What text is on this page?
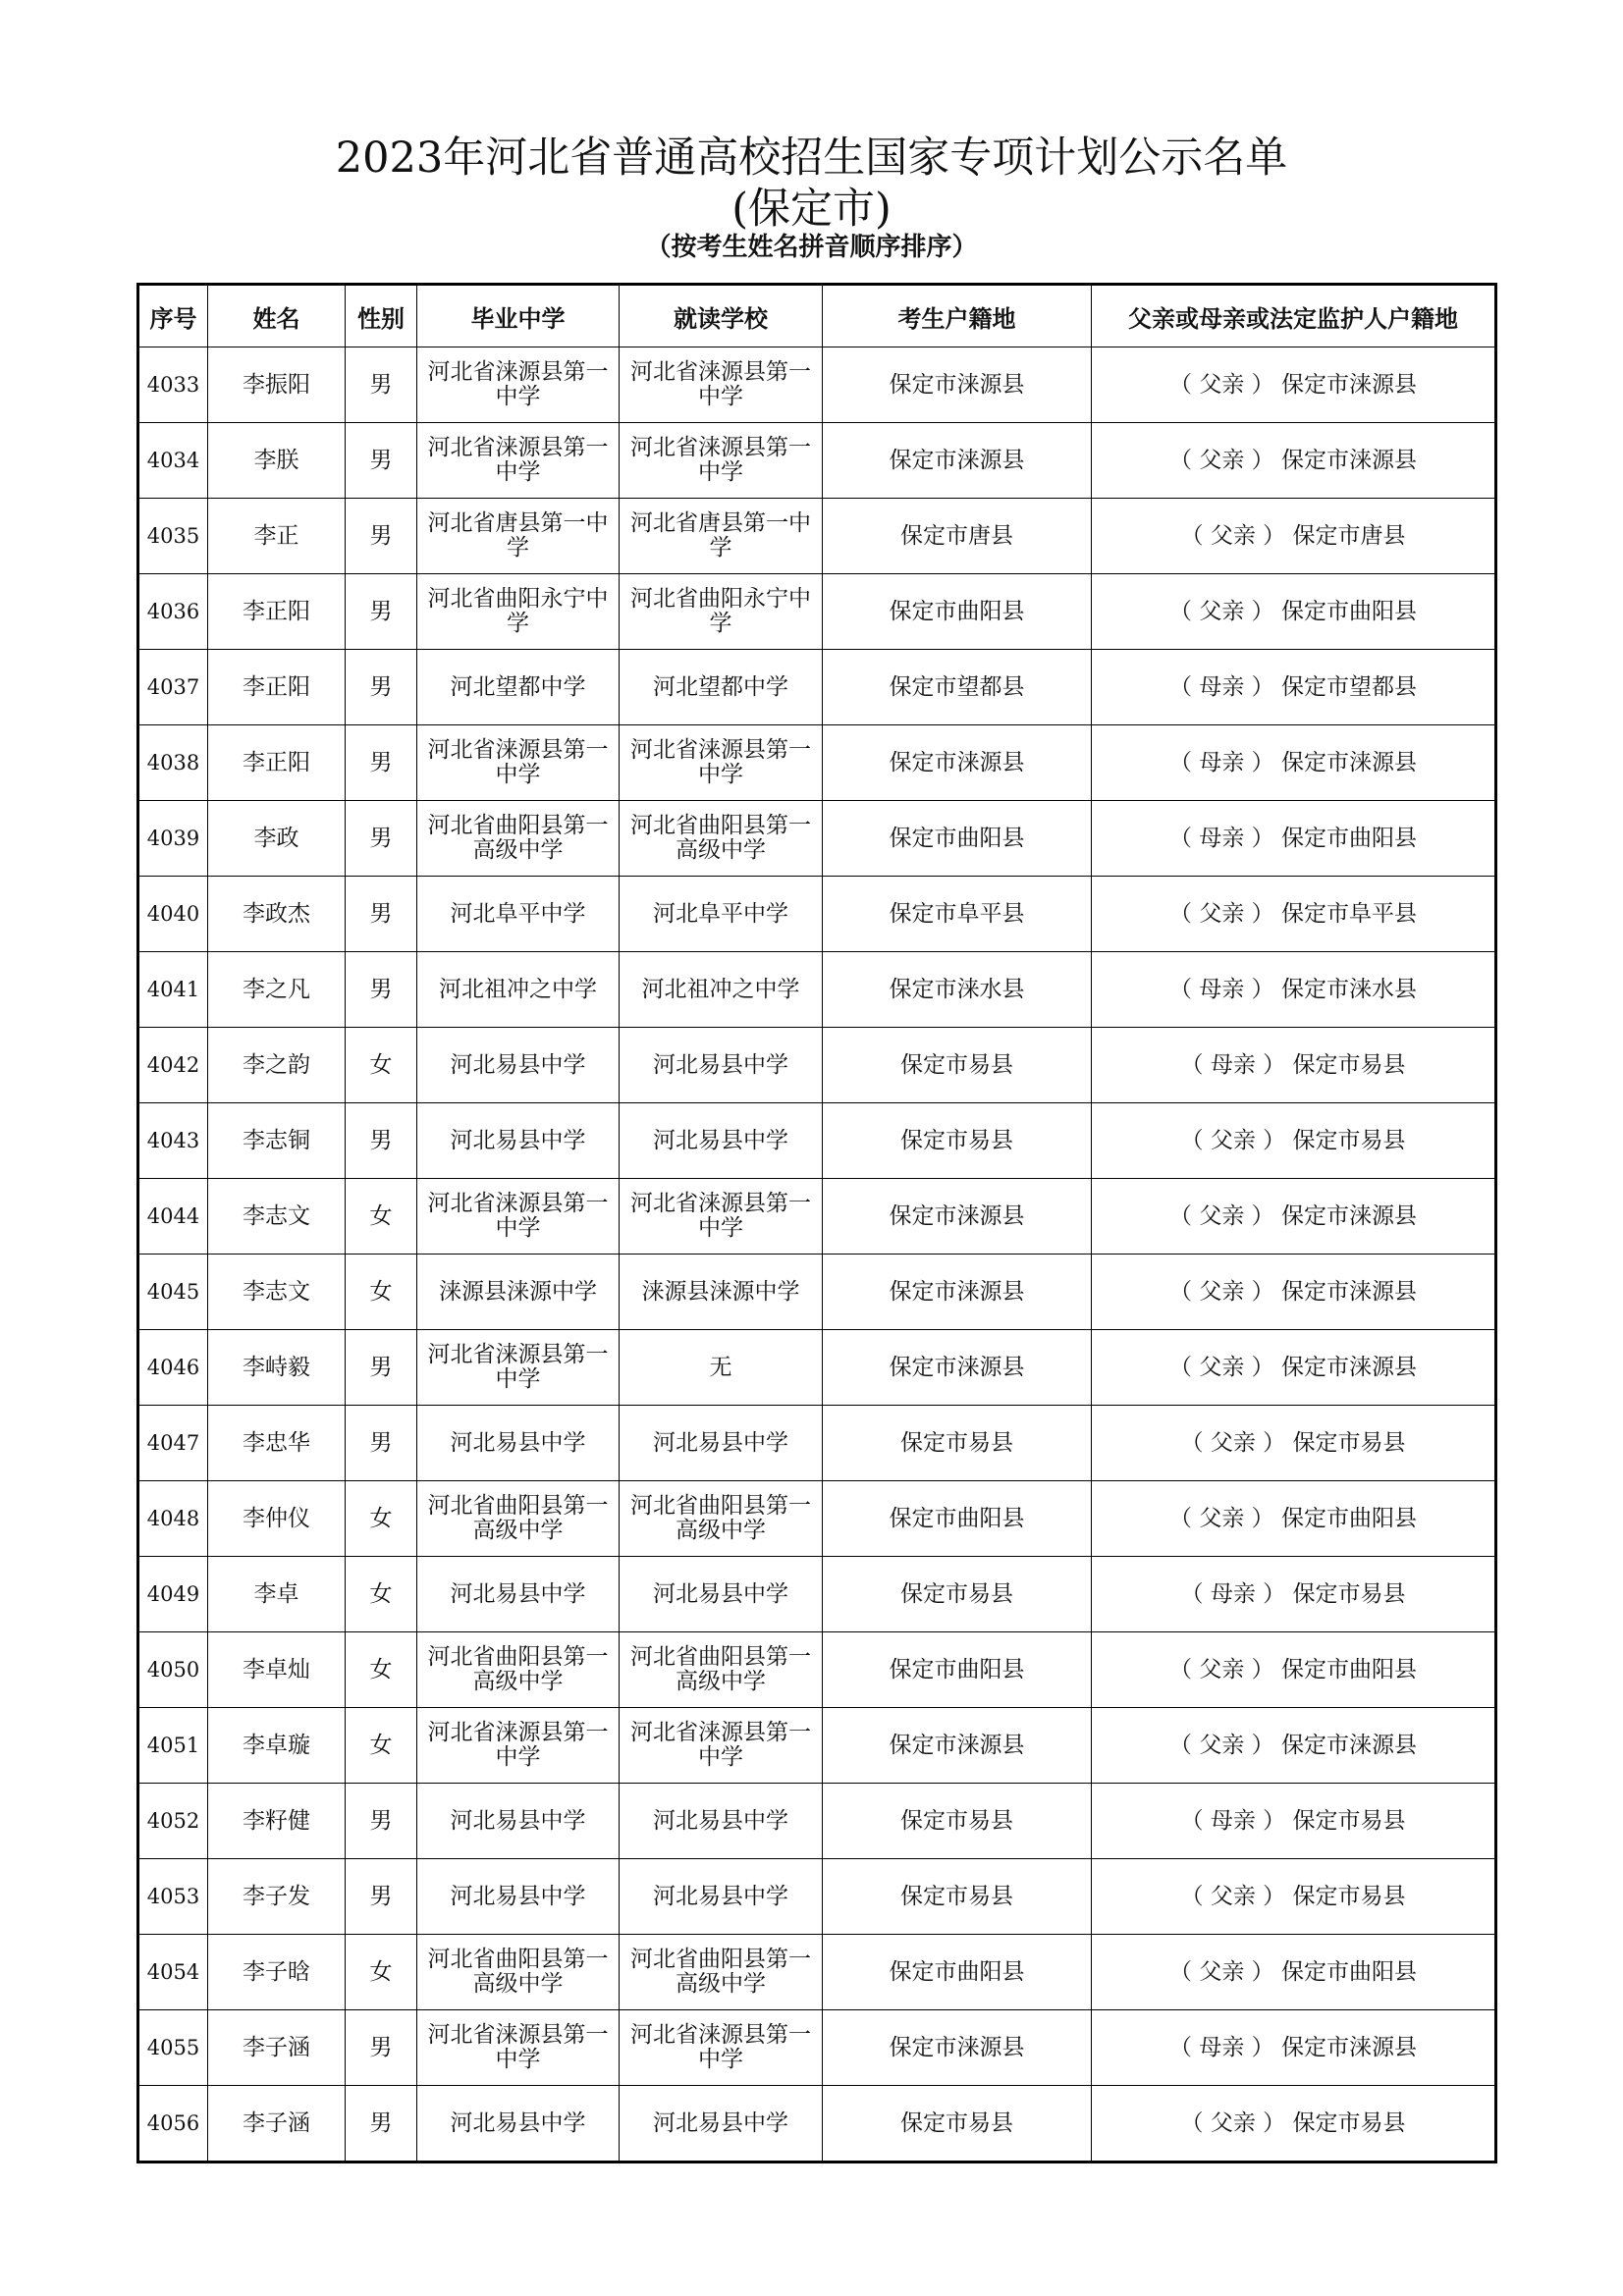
2023年河北省普通高校招生国家专项计划公示名单
(保定市)
（按考生姓名拼音顺序排序）
序号	姓名	性别	毕业中学	就读学校	考生户籍地	父亲或母亲或法定监护人户籍地
4033	李振阳	男	河北省涞源县第一中学	河北省涞源县第一中学	保定市涞源县	（ 父亲 ） 保定市涞源县
4034	李朕	男	河北省涞源县第一中学	河北省涞源县第一中学	保定市涞源县	（ 父亲 ） 保定市涞源县
4035	李正	男	河北省唐县第一中学	河北省唐县第一中学	保定市唐县	（ 父亲 ） 保定市唐县
4036	李正阳	男	河北省曲阳永宁中学	河北省曲阳永宁中学	保定市曲阳县	（ 父亲 ） 保定市曲阳县
4037	李正阳	男	河北望都中学	河北望都中学	保定市望都县	（ 母亲 ） 保定市望都县
4038	李正阳	男	河北省涞源县第一中学	河北省涞源县第一中学	保定市涞源县	（ 母亲 ） 保定市涞源县
4039	李政	男	河北省曲阳县第一高级中学	河北省曲阳县第一高级中学	保定市曲阳县	（ 母亲 ） 保定市曲阳县
4040	李政杰	男	河北阜平中学	河北阜平中学	保定市阜平县	（ 父亲 ） 保定市阜平县
4041	李之凡	男	河北祖冲之中学	河北祖冲之中学	保定市涞水县	（ 母亲 ） 保定市涞水县
4042	李之韵	女	河北易县中学	河北易县中学	保定市易县	（ 母亲 ） 保定市易县
4043	李志铜	男	河北易县中学	河北易县中学	保定市易县	（ 父亲 ） 保定市易县
4044	李志文	女	河北省涞源县第一中学	河北省涞源县第一中学	保定市涞源县	（ 父亲 ） 保定市涞源县
4045	李志文	女	涞源县涞源中学	涞源县涞源中学	保定市涞源县	（ 父亲 ） 保定市涞源县
4046	李峙毅	男	河北省涞源县第一中学	无	保定市涞源县	（ 父亲 ） 保定市涞源县
4047	李忠华	男	河北易县中学	河北易县中学	保定市易县	（ 父亲 ） 保定市易县
4048	李仲仪	女	河北省曲阳县第一高级中学	河北省曲阳县第一高级中学	保定市曲阳县	（ 父亲 ） 保定市曲阳县
4049	李卓	女	河北易县中学	河北易县中学	保定市易县	（ 母亲 ） 保定市易县
4050	李卓灿	女	河北省曲阳县第一高级中学	河北省曲阳县第一高级中学	保定市曲阳县	（ 父亲 ） 保定市曲阳县
4051	李卓璇	女	河北省涞源县第一中学	河北省涞源县第一中学	保定市涞源县	（ 父亲 ） 保定市涞源县
4052	李籽健	男	河北易县中学	河北易县中学	保定市易县	（ 母亲 ） 保定市易县
4053	李子发	男	河北易县中学	河北易县中学	保定市易县	（ 父亲 ） 保定市易县
4054	李子晗	女	河北省曲阳县第一高级中学	河北省曲阳县第一高级中学	保定市曲阳县	（ 父亲 ） 保定市曲阳县
4055	李子涵	男	河北省涞源县第一中学	河北省涞源县第一中学	保定市涞源县	（ 母亲 ） 保定市涞源县
4056	李子涵	男	河北易县中学	河北易县中学	保定市易县	（ 父亲 ） 保定市易县
